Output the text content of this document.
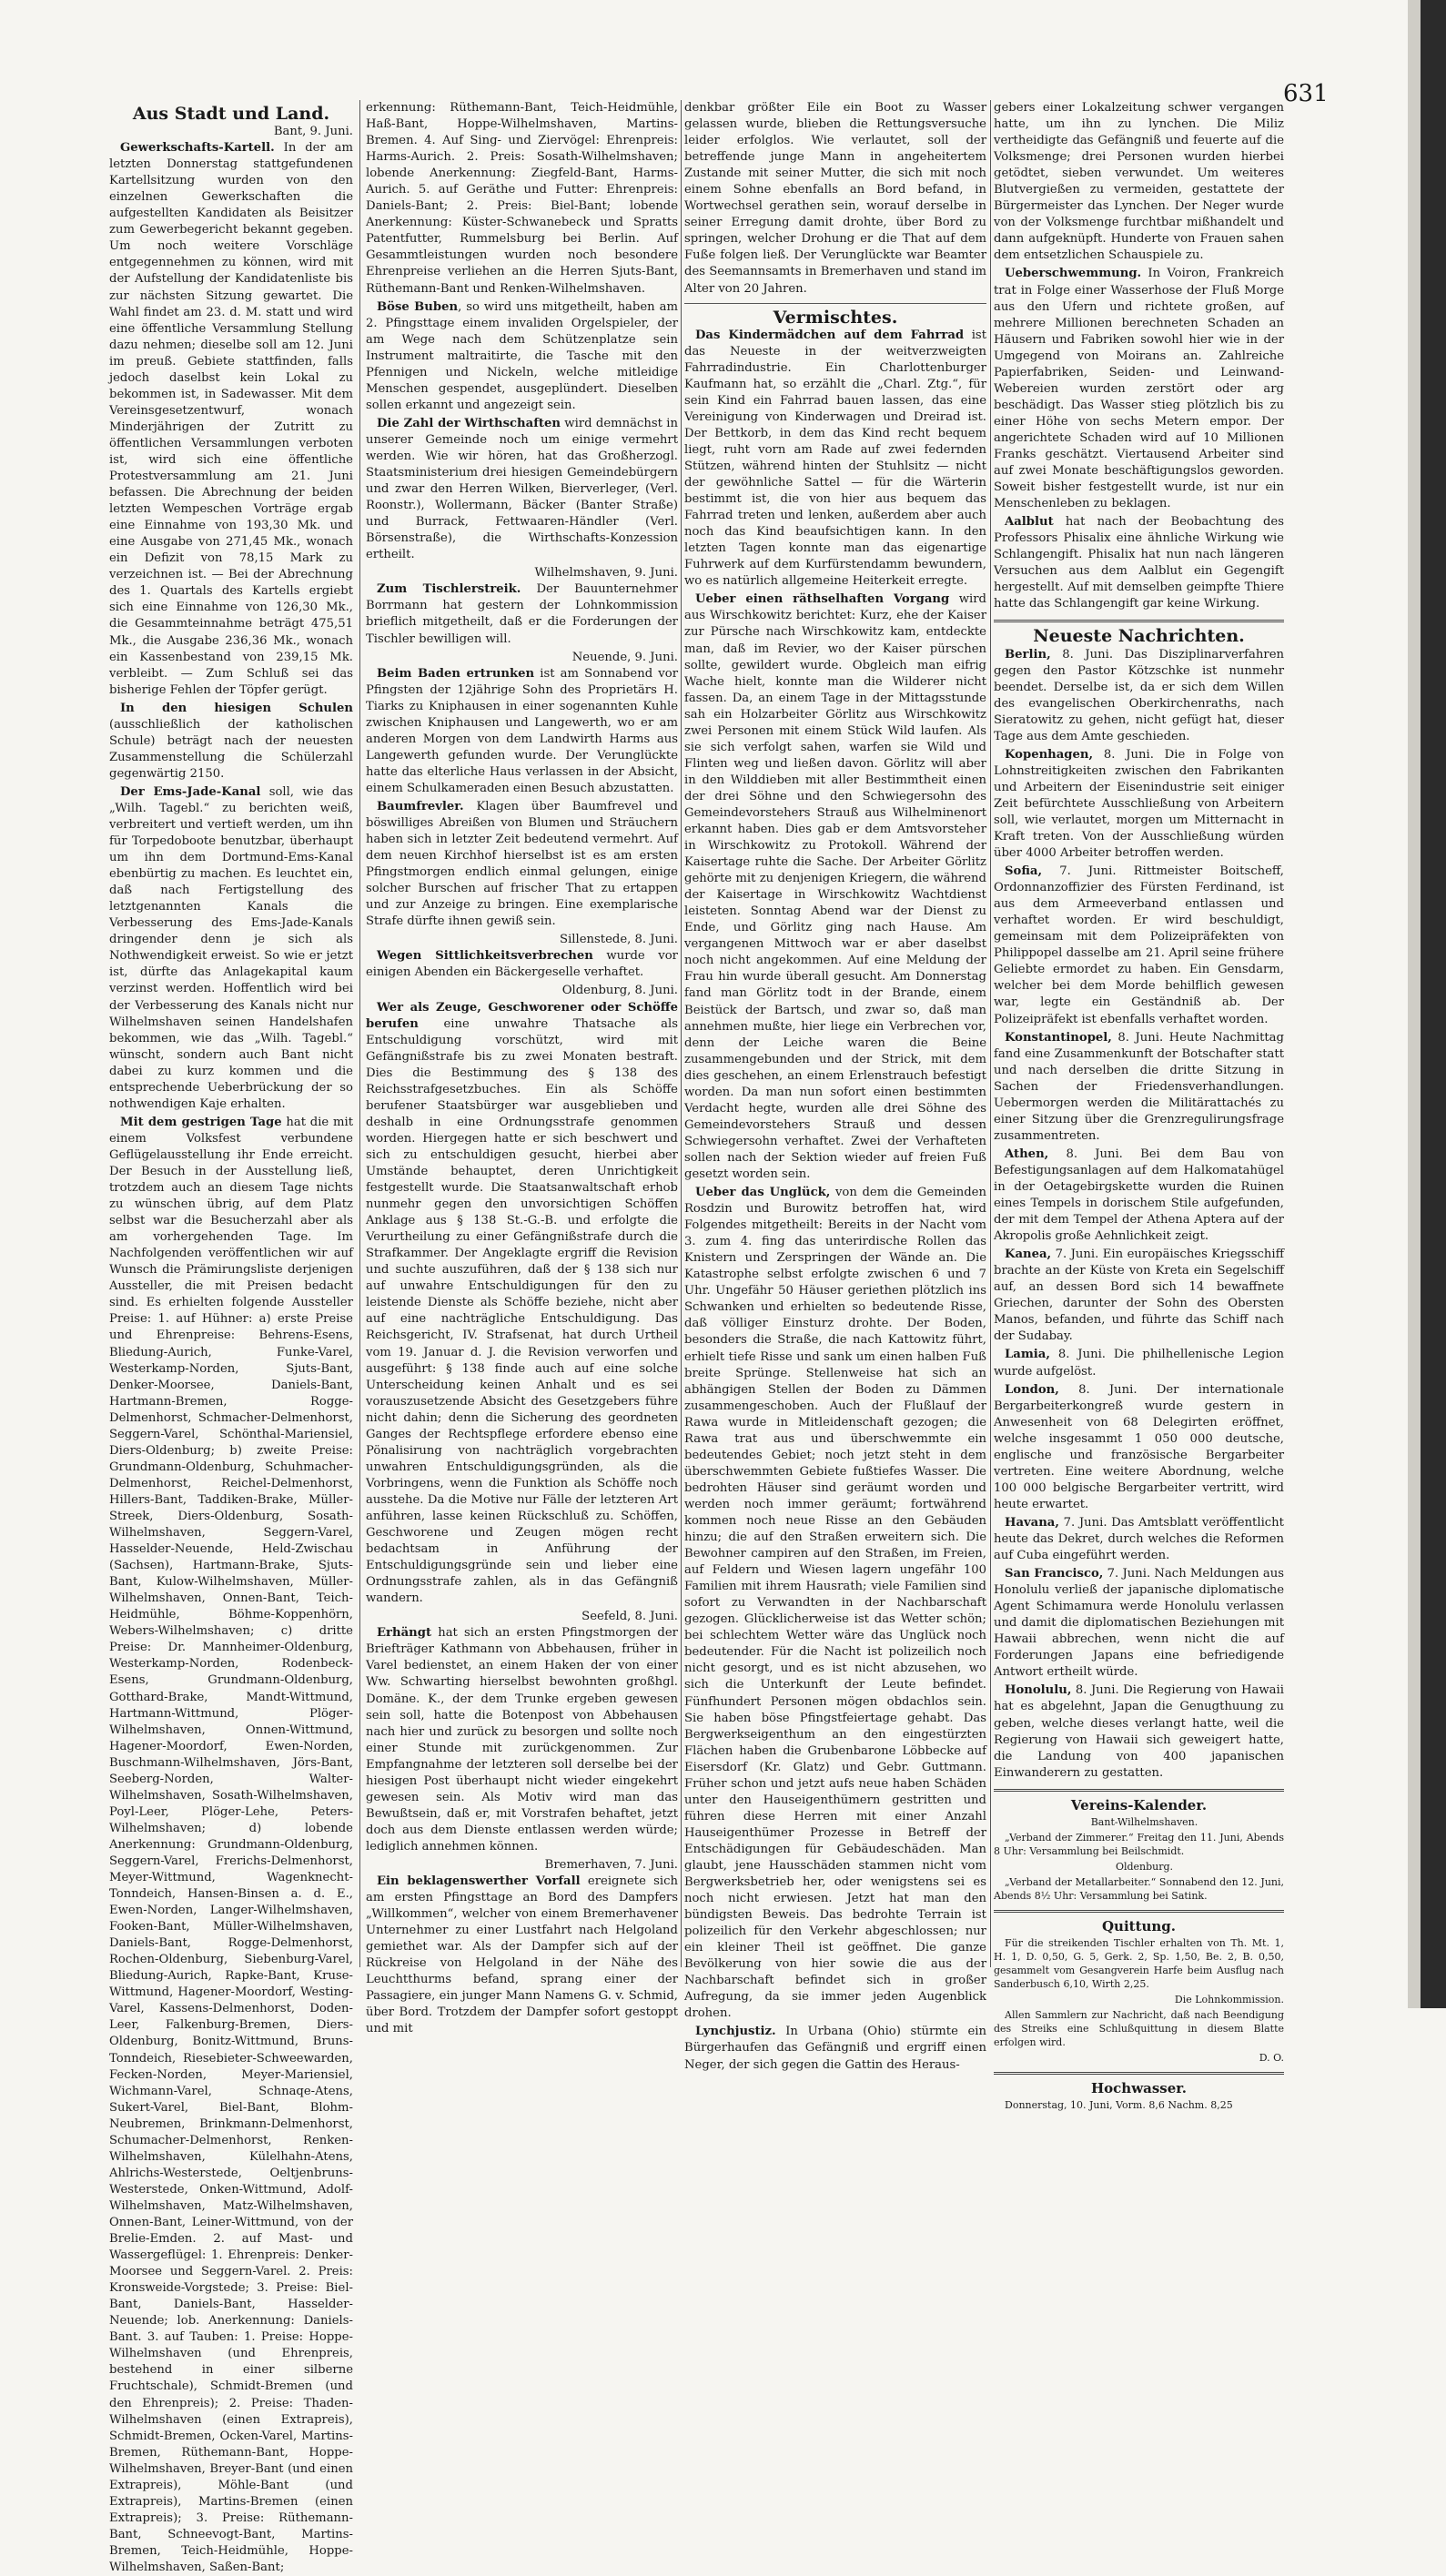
631
Aus Stadt und Land.

Bant, 9. Juni.

Gewerkschafts-Kartell. In der am letzten Donnerstag stattgefundenen Kartellsitzung wurden von den einzelnen Gewerkschaften die aufgestellten Kandidaten als Beisitzer zum Gewerbegericht bekannt gegeben. Um noch weitere Vorschläge entgegennehmen zu können, wird mit der Aufstellung der Kandidatenliste bis zur nächsten Sitzung gewartet. Die Wahl findet am 23. d. M. statt und wird eine öffentliche Versammlung Stellung dazu nehmen; dieselbe soll am 12. Juni im preuß. Gebiete stattfinden, falls jedoch daselbst kein Lokal zu bekommen ist, in Sadewasser. Mit dem Vereinsgesetzentwurf, wonach Minderjährigen der Zutritt zu öffentlichen Versammlungen verboten ist, wird sich eine öffentliche Protestversammlung am 21. Juni befassen. Die Abrechnung der beiden letzten Wempeschen Vorträge ergab eine Einnahme von 193,30 Mk. und eine Ausgabe von 271,45 Mk., wonach ein Defizit von 78,15 Mark zu verzeichnen ist. — Bei der Abrechnung des 1. Quartals des Kartells ergiebt sich eine Einnahme von 126,30 Mk., die Gesammteinnahme beträgt 475,51 Mk., die Ausgabe 236,36 Mk., wonach ein Kassenbestand von 239,15 Mk. verbleibt. — Zum Schluß sei das bisherige Fehlen der Töpfer gerügt.

In den hiesigen Schulen (ausschließlich der katholischen Schule) beträgt nach der neuesten Zusammenstellung die Schülerzahl gegenwärtig 2150.

Der Ems-Jade-Kanal soll, wie das „Wilh. Tagebl.“ zu berichten weiß, verbreitert und vertieft werden, um ihn für Torpedoboote benutzbar, überhaupt um ihn dem Dortmund-Ems-Kanal ebenbürtig zu machen. Es leuchtet ein, daß nach Fertigstellung des letztgenannten Kanals die Verbesserung des Ems-Jade-Kanals dringender denn je sich als Nothwendigkeit erweist. So wie er jetzt ist, dürfte das Anlagekapital kaum verzinst werden. Hoffentlich wird bei der Verbesserung des Kanals nicht nur Wilhelmshaven seinen Handelshafen bekommen, wie das „Wilh. Tagebl.“ wünscht, sondern auch Bant nicht dabei zu kurz kommen und die entsprechende Ueberbrückung der so nothwendigen Kaje erhalten.

Mit dem gestrigen Tage hat die mit einem Volksfest verbundene Geflügelausstellung ihr Ende erreicht. Der Besuch in der Ausstellung ließ, trotzdem auch an diesem Tage nichts zu wünschen übrig, auf dem Platz selbst war die Besucherzahl aber als am vorhergehenden Tage. Im Nachfolgenden veröffentlichen wir auf Wunsch die Prämirungsliste derjenigen Aussteller, die mit Preisen bedacht sind. Es erhielten folgende Aussteller Preise: 1. auf Hühner: a) erste Preise und Ehrenpreise: Behrens-Esens, Bliedung-Aurich, Funke-Varel, Westerkamp-Norden, Sjuts-Bant, Denker-Moorsee, Daniels-Bant, Hartmann-Bremen, Rogge-Delmenhorst, Schmacher-Delmenhorst, Seggern-Varel, Schönthal-Mariensiel, Diers-Oldenburg; b) zweite Preise: Grundmann-Oldenburg, Schuhmacher-Delmenhorst, Reichel-Delmenhorst, Hillers-Bant, Taddiken-Brake, Müller-Streek, Diers-Oldenburg, Sosath-Wilhelmshaven, Seggern-Varel, Hasselder-Neuende, Held-Zwischau (Sachsen), Hartmann-Brake, Sjuts-Bant, Kulow-Wilhelmshaven, Müller-Wilhelmshaven, Onnen-Bant, Teich-Heidmühle, Böhme-Koppenhörn, Webers-Wilhelmshaven; c) dritte Preise: Dr. Mannheimer-Oldenburg, Westerkamp-Norden, Rodenbeck-Esens, Grundmann-Oldenburg, Gotthard-Brake, Mandt-Wittmund, Hartmann-Wittmund, Plöger-Wilhelmshaven, Onnen-Wittmund, Hagener-Moordorf, Ewen-Norden, Buschmann-Wilhelmshaven, Jörs-Bant, Seeberg-Norden, Walter-Wilhelmshaven, Sosath-Wilhelmshaven, Poyl-Leer, Plöger-Lehe, Peters-Wilhelmshaven; d) lobende Anerkennung: Grundmann-Oldenburg, Seggern-Varel, Frerichs-Delmenhorst, Meyer-Wittmund, Wagenknecht-Tonndeich, Hansen-Binsen a. d. E., Ewen-Norden, Langer-Wilhelmshaven, Fooken-Bant, Müller-Wilhelmshaven, Daniels-Bant, Rogge-Delmenhorst, Rochen-Oldenburg, Siebenburg-Varel, Bliedung-Aurich, Rapke-Bant, Kruse-Wittmund, Hagener-Moordorf, Westing-Varel, Kassens-Delmenhorst, Doden-Leer, Falkenburg-Bremen, Diers-Oldenburg, Bonitz-Wittmund, Bruns-Tonndeich, Riesebieter-Schweewarden, Fecken-Norden, Meyer-Mariensiel, Wichmann-Varel, Schnaqe-Atens, Sukert-Varel, Biel-Bant, Blohm-Neubremen, Brinkmann-Delmenhorst, Schumacher-Delmenhorst, Renken-Wilhelmshaven, Külelhahn-Atens, Ahlrichs-Westerstede, Oeltjenbruns-Westerstede, Onken-Wittmund, Adolf-Wilhelmshaven, Matz-Wilhelmshaven, Onnen-Bant, Leiner-Wittmund, von der Brelie-Emden. 2. auf Mast- und Wassergeflügel: 1. Ehrenpreis: Denker-Moorsee und Seggern-Varel. 2. Preis: Kronsweide-Vorgstede; 3. Preise: Biel-Bant, Daniels-Bant, Hasselder-Neuende; lob. Anerkennung: Daniels-Bant. 3. auf Tauben: 1. Preise: Hoppe-Wilhelmshaven (und Ehrenpreis, bestehend in einer silberne Fruchtschale), Schmidt-Bremen (und den Ehrenpreis); 2. Preise: Thaden-Wilhelmshaven (einen Extrapreis), Schmidt-Bremen, Ocken-Varel, Martins-Bremen, Rüthemann-Bant, Hoppe-Wilhelmshaven, Breyer-Bant (und einen Extrapreis), Möhle-Bant (und Extrapreis), Martins-Bremen (einen Extrapreis); 3. Preise: Rüthemann-Bant, Schneevogt-Bant, Martins-Bremen, Teich-Heidmühle, Hoppe-Wilhelmshaven, Saßen-Bant;

erkennung: Rüthemann-Bant, Teich-Heidmühle, Haß-Bant, Hoppe-Wilhelmshaven, Martins-Bremen. 4. Auf Sing- und Ziervögel: Ehrenpreis: Harms-Aurich. 2. Preis: Sosath-Wilhelmshaven; lobende Anerkennung: Ziegfeld-Bant, Harms-Aurich. 5. auf Geräthe und Futter: Ehrenpreis: Daniels-Bant; 2. Preis: Biel-Bant; lobende Anerkennung: Küster-Schwanebeck und Spratts Patentfutter, Rummelsburg bei Berlin. Auf Gesammtleistungen wurden noch besondere Ehrenpreise verliehen an die Herren Sjuts-Bant, Rüthemann-Bant und Renken-Wilhelmshaven.

Böse Buben, so wird uns mitgetheilt, haben am 2. Pfingsttage einem invaliden Orgelspieler, der am Wege nach dem Schützenplatze sein Instrument maltraitirte, die Tasche mit den Pfennigen und Nickeln, welche mitleidige Menschen gespendet, ausgeplündert. Dieselben sollen erkannt und angezeigt sein.

Die Zahl der Wirthschaften wird demnächst in unserer Gemeinde noch um einige vermehrt werden. Wie wir hören, hat das Großherzogl. Staatsministerium drei hiesigen Gemeindebürgern und zwar den Herren Wilken, Bierverleger, (Verl. Roonstr.), Wollermann, Bäcker (Banter Straße) und Burrack, Fettwaaren-Händler (Verl. Börsenstraße), die Wirthschafts-Konzession ertheilt.

Wilhelmshaven, 9. Juni.

Zum Tischlerstreik. Der Bauunternehmer Borrmann hat gestern der Lohnkommission brieflich mitgetheilt, daß er die Forderungen der Tischler bewilligen will.

Neuende, 9. Juni.

Beim Baden ertrunken ist am Sonnabend vor Pfingsten der 12jährige Sohn des Proprietärs H. Tiarks zu Kniphausen in einer sogenannten Kuhle zwischen Kniphausen und Langewerth, wo er am anderen Morgen von dem Landwirth Harms aus Langewerth gefunden wurde. Der Verunglückte hatte das elterliche Haus verlassen in der Absicht, einem Schulkameraden einen Besuch abzustatten.

Baumfrevler. Klagen über Baumfrevel und böswilliges Abreißen von Blumen und Sträuchern haben sich in letzter Zeit bedeutend vermehrt. Auf dem neuen Kirchhof hierselbst ist es am ersten Pfingstmorgen endlich einmal gelungen, einige solcher Burschen auf frischer That zu ertappen und zur Anzeige zu bringen. Eine exemplarische Strafe dürfte ihnen gewiß sein.

Sillenstede, 8. Juni.

Wegen Sittlichkeitsverbrechen wurde vor einigen Abenden ein Bäckergeselle verhaftet.

Oldenburg, 8. Juni.

Wer als Zeuge, Geschworener oder Schöffe berufen eine unwahre Thatsache als Entschuldigung vorschützt, wird mit Gefängnißstrafe bis zu zwei Monaten bestraft. Dies die Bestimmung des § 138 des Reichsstrafgesetzbuches. Ein als Schöffe berufener Staatsbürger war ausgeblieben und deshalb in eine Ordnungsstrafe genommen worden. Hiergegen hatte er sich beschwert und sich zu entschuldigen gesucht, hierbei aber Umstände behauptet, deren Unrichtigkeit festgestellt wurde. Die Staatsanwaltschaft erhob nunmehr gegen den unvorsichtigen Schöffen Anklage aus § 138 St.-G.-B. und erfolgte die Verurtheilung zu einer Gefängnißstrafe durch die Strafkammer. Der Angeklagte ergriff die Revision und suchte auszuführen, daß der § 138 sich nur auf unwahre Entschuldigungen für den zu leistende Dienste als Schöffe beziehe, nicht aber auf eine nachträgliche Entschuldigung. Das Reichsgericht, IV. Strafsenat, hat durch Urtheil vom 19. Januar d. J. die Revision verworfen und ausgeführt: § 138 finde auch auf eine solche Unterscheidung keinen Anhalt und es sei vorauszusetzende Absicht des Gesetzgebers führe nicht dahin; denn die Sicherung des geordneten Ganges der Rechtspflege erfordere ebenso eine Pönalisirung von nachträglich vorgebrachten unwahren Entschuldigungsgründen, als die Vorbringens, wenn die Funktion als Schöffe noch ausstehe. Da die Motive nur Fälle der letzteren Art anführen, lasse keinen Rückschluß zu. Schöffen, Geschworene und Zeugen mögen recht bedachtsam in Anführung der Entschuldigungsgründe sein und lieber eine Ordnungsstrafe zahlen, als in das Gefängniß wandern.

Seefeld, 8. Juni.

Erhängt hat sich an ersten Pfingstmorgen der Briefträger Kathmann von Abbehausen, früher in Varel bedienstet, an einem Haken der von einer Ww. Schwarting hierselbst bewohnten großhgl. Domäne. K., der dem Trunke ergeben gewesen sein soll, hatte die Botenpost von Abbehausen nach hier und zurück zu besorgen und sollte noch einer Stunde mit zurückgenommen. Zur Empfangnahme der letzteren soll derselbe bei der hiesigen Post überhaupt nicht wieder eingekehrt gewesen sein. Als Motiv wird man das Bewußtsein, daß er, mit Vorstrafen behaftet, jetzt doch aus dem Dienste entlassen werden würde; lediglich annehmen können.

Bremerhaven, 7. Juni.

Ein beklagenswerther Vorfall ereignete sich am ersten Pfingsttage an Bord des Dampfers „Willkommen“, welcher von einem Bremerhavener Unternehmer zu einer Lustfahrt nach Helgoland gemiethet war. Als der Dampfer sich auf der Rückreise von Helgoland in der Nähe des Leuchtthurms befand, sprang einer der Passagiere, ein junger Mann Namens G. v. Schmid, über Bord. Trotzdem der Dampfer sofort gestoppt und mit

denkbar größter Eile ein Boot zu Wasser gelassen wurde, blieben die Rettungsversuche leider erfolglos. Wie verlautet, soll der betreffende junge Mann in angeheitertem Zustande mit seiner Mutter, die sich mit noch einem Sohne ebenfalls an Bord befand, in Wortwechsel gerathen sein, worauf derselbe in seiner Erregung damit drohte, über Bord zu springen, welcher Drohung er die That auf dem Fuße folgen ließ. Der Verunglückte war Beamter des Seemannsamts in Bremerhaven und stand im Alter von 20 Jahren.

Vermischtes.

Das Kindermädchen auf dem Fahrrad ist das Neueste in der weitverzweigten Fahrradindustrie. Ein Charlottenburger Kaufmann hat, so erzählt die „Charl. Ztg.“, für sein Kind ein Fahrrad bauen lassen, das eine Vereinigung von Kinderwagen und Dreirad ist. Der Bettkorb, in dem das Kind recht bequem liegt, ruht vorn am Rade auf zwei federnden Stützen, während hinten der Stuhlsitz — nicht der gewöhnliche Sattel — für die Wärterin bestimmt ist, die von hier aus bequem das Fahrrad treten und lenken, außerdem aber auch noch das Kind beaufsichtigen kann. In den letzten Tagen konnte man das eigenartige Fuhrwerk auf dem Kurfürstendamm bewundern, wo es natürlich allgemeine Heiterkeit erregte.

Ueber einen räthselhaften Vorgang wird aus Wirschkowitz berichtet: Kurz, ehe der Kaiser zur Pürsche nach Wirschkowitz kam, entdeckte man, daß im Revier, wo der Kaiser pürschen sollte, gewildert wurde. Obgleich man eifrig Wache hielt, konnte man die Wilderer nicht fassen. Da, an einem Tage in der Mittagsstunde sah ein Holzarbeiter Görlitz aus Wirschkowitz zwei Personen mit einem Stück Wild laufen. Als sie sich verfolgt sahen, warfen sie Wild und Flinten weg und ließen davon. Görlitz will aber in den Wilddieben mit aller Bestimmtheit einen der drei Söhne und den Schwiegersohn des Gemeindevorstehers Strauß aus Wilhelminenort erkannt haben. Dies gab er dem Amtsvorsteher in Wirschkowitz zu Protokoll. Während der Kaisertage ruhte die Sache. Der Arbeiter Görlitz gehörte mit zu denjenigen Kriegern, die während der Kaisertage in Wirschkowitz Wachtdienst leisteten. Sonntag Abend war der Dienst zu Ende, und Görlitz ging nach Hause. Am vergangenen Mittwoch war er aber daselbst noch nicht angekommen. Auf eine Meldung der Frau hin wurde überall gesucht. Am Donnerstag fand man Görlitz todt in der Brande, einem Beistück der Bartsch, und zwar so, daß man annehmen mußte, hier liege ein Verbrechen vor, denn der Leiche waren die Beine zusammengebunden und der Strick, mit dem dies geschehen, an einem Erlenstrauch befestigt worden. Da man nun sofort einen bestimmten Verdacht hegte, wurden alle drei Söhne des Gemeindevorstehers Strauß und dessen Schwiegersohn verhaftet. Zwei der Verhafteten sollen nach der Sektion wieder auf freien Fuß gesetzt worden sein.

Ueber das Unglück, von dem die Gemeinden Rosdzin und Burowitz betroffen hat, wird Folgendes mitgetheilt: Bereits in der Nacht vom 3. zum 4. fing das unterirdische Rollen das Knistern und Zerspringen der Wände an. Die Katastrophe selbst erfolgte zwischen 6 und 7 Uhr. Ungefähr 50 Häuser geriethen plötzlich ins Schwanken und erhielten so bedeutende Risse, daß völliger Einsturz drohte. Der Boden, besonders die Straße, die nach Kattowitz führt, erhielt tiefe Risse und sank um einen halben Fuß breite Sprünge. Stellenweise hat sich an abhängigen Stellen der Boden zu Dämmen zusammengeschoben. Auch der Flußlauf der Rawa wurde in Mitleidenschaft gezogen; die Rawa trat aus und überschwemmte ein bedeutendes Gebiet; noch jetzt steht in dem überschwemmten Gebiete fußtiefes Wasser. Die bedrohten Häuser sind geräumt worden und werden noch immer geräumt; fortwährend kommen noch neue Risse an den Gebäuden hinzu; die auf den Straßen erweitern sich. Die Bewohner campiren auf den Straßen, im Freien, auf Feldern und Wiesen lagern ungefähr 100 Familien mit ihrem Hausrath; viele Familien sind sofort zu Verwandten in der Nachbarschaft gezogen. Glücklicherweise ist das Wetter schön; bei schlechtem Wetter wäre das Unglück noch bedeutender. Für die Nacht ist polizeilich noch nicht gesorgt, und es ist nicht abzusehen, wo sich die Unterkunft der Leute befindet. Fünfhundert Personen mögen obdachlos sein. Sie haben böse Pfingstfeiertage gehabt. Das Bergwerkseigenthum an den eingestürzten Flächen haben die Grubenbarone Löbbecke auf Eisersdorf (Kr. Glatz) und Gebr. Guttmann. Früher schon und jetzt aufs neue haben Schäden unter den Hauseigenthümern gestritten und führen diese Herren mit einer Anzahl Hauseigenthümer Prozesse in Betreff der Entschädigungen für Gebäudeschäden. Man glaubt, jene Hausschäden stammen nicht vom Bergwerksbetrieb her, oder wenigstens sei es noch nicht erwiesen. Jetzt hat man den bündigsten Beweis. Das bedrohte Terrain ist polizeilich für den Verkehr abgeschlossen; nur ein kleiner Theil ist geöffnet. Die ganze Bevölkerung von hier sowie die aus der Nachbarschaft befindet sich in großer Aufregung, da sie immer jeden Augenblick drohen.

Lynchjustiz. In Urbana (Ohio) stürmte ein Bürgerhaufen das Gefängniß und ergriff einen Neger, der sich gegen die Gattin des Heraus-

gebers einer Lokalzeitung schwer vergangen hatte, um ihn zu lynchen. Die Miliz vertheidigte das Gefängniß und feuerte auf die Volksmenge; drei Personen wurden hierbei getödtet, sieben verwundet. Um weiteres Blutvergießen zu vermeiden, gestattete der Bürgermeister das Lynchen. Der Neger wurde von der Volksmenge furchtbar mißhandelt und dann aufgeknüpft. Hunderte von Frauen sahen dem entsetzlichen Schauspiele zu.

Ueberschwemmung. In Voiron, Frankreich trat in Folge einer Wasserhose der Fluß Morge aus den Ufern und richtete großen, auf mehrere Millionen berechneten Schaden an Häusern und Fabriken sowohl hier wie in der Umgegend von Moirans an. Zahlreiche Papierfabriken, Seiden- und Leinwand-Webereien wurden zerstört oder arg beschädigt. Das Wasser stieg plötzlich bis zu einer Höhe von sechs Metern empor. Der angerichtete Schaden wird auf 10 Millionen Franks geschätzt. Viertausend Arbeiter sind auf zwei Monate beschäftigungslos geworden. Soweit bisher festgestellt wurde, ist nur ein Menschenleben zu beklagen.

Aalblut hat nach der Beobachtung des Professors Phisalix eine ähnliche Wirkung wie Schlangengift. Phisalix hat nun nach längeren Versuchen aus dem Aalblut ein Gegengift hergestellt. Auf mit demselben geimpfte Thiere hatte das Schlangengift gar keine Wirkung.

Neueste Nachrichten.

Berlin, 8. Juni. Das Disziplinarverfahren gegen den Pastor Kötzschke ist nunmehr beendet. Derselbe ist, da er sich dem Willen des evangelischen Oberkirchenraths, nach Sieratowitz zu gehen, nicht gefügt hat, dieser Tage aus dem Amte geschieden.

Kopenhagen, 8. Juni. Die in Folge von Lohnstreitigkeiten zwischen den Fabrikanten und Arbeitern der Eisenindustrie seit einiger Zeit befürchtete Ausschließung von Arbeitern soll, wie verlautet, morgen um Mitternacht in Kraft treten. Von der Ausschließung würden über 4000 Arbeiter betroffen werden.

Sofia, 7. Juni. Rittmeister Boitscheff, Ordonnanzoffizier des Fürsten Ferdinand, ist aus dem Armeeverband entlassen und verhaftet worden. Er wird beschuldigt, gemeinsam mit dem Polizeipräfekten von Philippopel dasselbe am 21. April seine frühere Geliebte ermordet zu haben. Ein Gensdarm, welcher bei dem Morde behilflich gewesen war, legte ein Geständniß ab. Der Polizeipräfekt ist ebenfalls verhaftet worden.

Konstantinopel, 8. Juni. Heute Nachmittag fand eine Zusammenkunft der Botschafter statt und nach derselben die dritte Sitzung in Sachen der Friedensverhandlungen. Uebermorgen werden die Militärattachés zu einer Sitzung über die Grenzregulirungsfrage zusammentreten.

Athen, 8. Juni. Bei dem Bau von Befestigungsanlagen auf dem Halkomatahügel in der Oetagebirgskette wurden die Ruinen eines Tempels in dorischem Stile aufgefunden, der mit dem Tempel der Athena Aptera auf der Akropolis große Aehnlichkeit zeigt.

Kanea, 7. Juni. Ein europäisches Kriegsschiff brachte an der Küste von Kreta ein Segelschiff auf, an dessen Bord sich 14 bewaffnete Griechen, darunter der Sohn des Obersten Manos, befanden, und führte das Schiff nach der Sudabay.

Lamia, 8. Juni. Die philhellenische Legion wurde aufgelöst.

London, 8. Juni. Der internationale Bergarbeiterkongreß wurde gestern in Anwesenheit von 68 Delegirten eröffnet, welche insgesammt 1 050 000 deutsche, englische und französische Bergarbeiter vertreten. Eine weitere Abordnung, welche 100 000 belgische Bergarbeiter vertritt, wird heute erwartet.

Havana, 7. Juni. Das Amtsblatt veröffentlicht heute das Dekret, durch welches die Reformen auf Cuba eingeführt werden.

San Francisco, 7. Juni. Nach Meldungen aus Honolulu verließ der japanische diplomatische Agent Schimamura werde Honolulu verlassen und damit die diplomatischen Beziehungen mit Hawaii abbrechen, wenn nicht die auf Forderungen Japans eine befriedigende Antwort ertheilt würde.

Honolulu, 8. Juni. Die Regierung von Hawaii hat es abgelehnt, Japan die Genugthuung zu geben, welche dieses verlangt hatte, weil die Regierung von Hawaii sich geweigert hatte, die Landung von 400 japanischen Einwanderern zu gestatten.

Vereins-Kalender.

Bant-Wilhelmshaven.

„Verband der Zimmerer.“ Freitag den 11. Juni, Abends 8 Uhr: Versammlung bei Beilschmidt.

Oldenburg.

„Verband der Metallarbeiter.“ Sonnabend den 12. Juni, Abends 8½ Uhr: Versammlung bei Satink.

Quittung.

Für die streikenden Tischler erhalten von Th. Mt. 1, H. 1, D. 0,50, G. 5, Gerk. 2, Sp. 1,50, Be. 2, B. 0,50, gesammelt vom Gesangverein Harfe beim Ausflug nach Sanderbusch 6,10, Wirth 2,25.

Die Lohnkommission.

Allen Sammlern zur Nachricht, daß nach Beendigung des Streiks eine Schlußquittung in diesem Blatte erfolgen wird.

D. O.

Hochwasser.

Donnerstag, 10. Juni, Vorm. 8,6 Nachm. 8,25
